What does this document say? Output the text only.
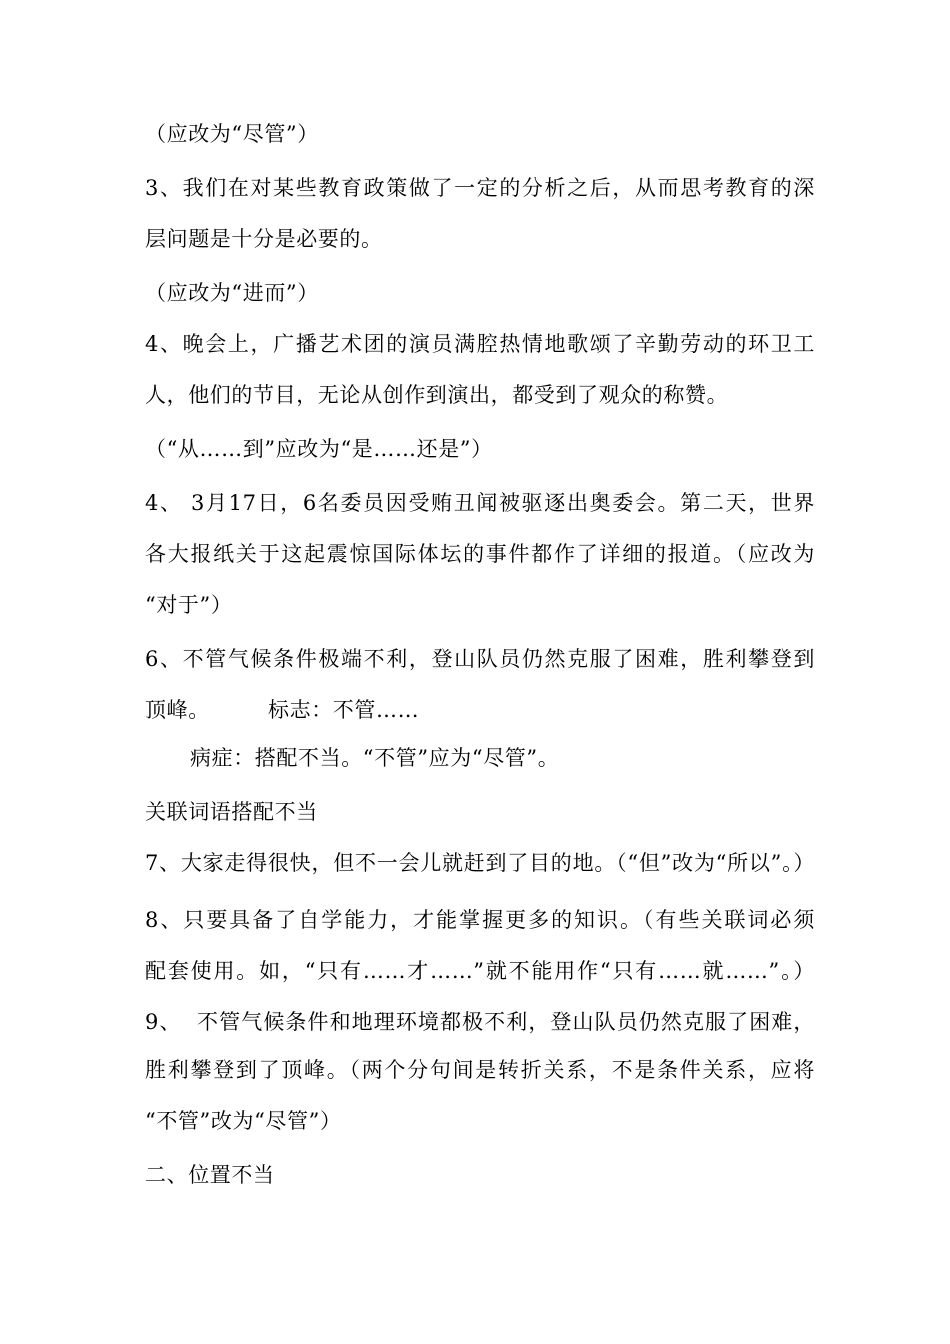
（应改为“尽管”）
3、我们在对某些教育政策做了一定的分析之后，从而思考教育的深
层问题是十分是必要的。
（应改为“进而”）
4、晚会上，广播艺术团的演员满腔热情地歌颂了辛勤劳动的环卫工
人，他们的节目，无论从创作到演出，都受到了观众的称赞。
（“从……到”应改为“是……还是”）
4、 3月17日，6名委员因受贿丑闻被驱逐出奥委会。第二天，世界
各大报纸关于这起震惊国际体坛的事件都作了详细的报道。（应改为
“对于”）
6、不管气候条件极端不利，登山队员仍然克服了困难，胜利攀登到
顶峰。        标志：不管……
病症：搭配不当。“不管”应为“尽管”。
关联词语搭配不当
7、大家走得很快，但不一会儿就赶到了目的地。（“但”改为“所以”。）
8、只要具备了自学能力，才能掌握更多的知识。（有些关联词必须
配套使用。如，“只有……才……”就不能用作“只有……就……”。）
9、  不管气候条件和地理环境都极不利，登山队员仍然克服了困难，
胜利攀登到了顶峰。（两个分句间是转折关系，不是条件关系，应将
“不管”改为“尽管”）
二、位置不当
